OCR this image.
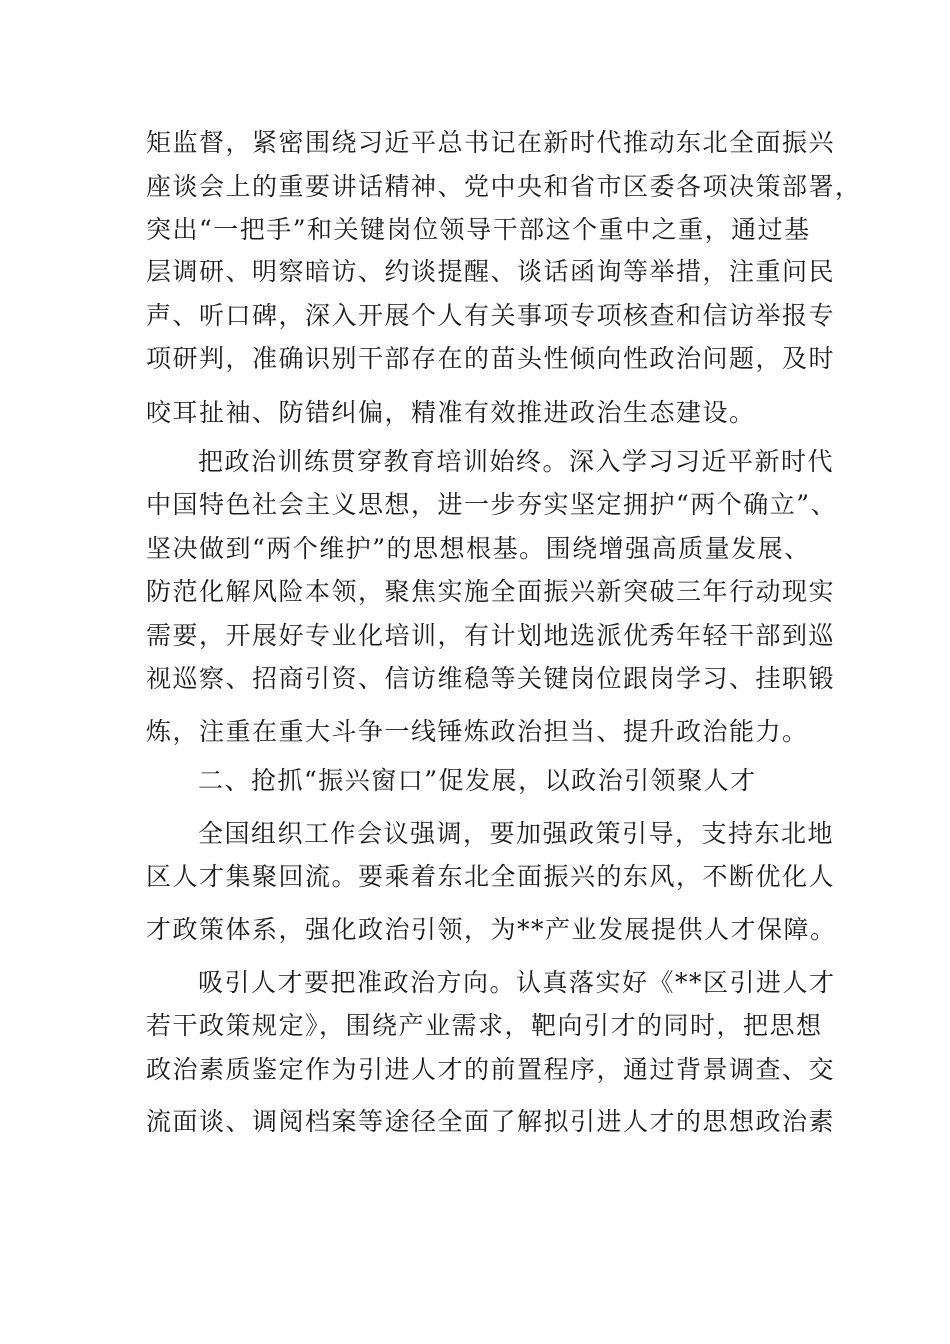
矩监督，紧密围绕习近平总书记在新时代推动东北全面振兴
座谈会上的重要讲话精神、党中央和省市区委各项决策部署，
突出“一把手”和关键岗位领导干部这个重中之重，通过基
层调研、明察暗访、约谈提醒、谈话函询等举措，注重问民
声、听口碑，深入开展个人有关事项专项核查和信访举报专
项研判，准确识别干部存在的苗头性倾向性政治问题，及时
咬耳扯袖、防错纠偏，精准有效推进政治生态建设。
把政治训练贯穿教育培训始终。深入学习习近平新时代
中国特色社会主义思想，进一步夯实坚定拥护“两个确立”、
坚决做到“两个维护”的思想根基。围绕增强高质量发展、
防范化解风险本领，聚焦实施全面振兴新突破三年行动现实
需要，开展好专业化培训，有计划地选派优秀年轻干部到巡
视巡察、招商引资、信访维稳等关键岗位跟岗学习、挂职锻
炼，注重在重大斗争一线锤炼政治担当、提升政治能力。
二、抢抓“振兴窗口”促发展，以政治引领聚人才
全国组织工作会议强调，要加强政策引导，支持东北地
区人才集聚回流。要乘着东北全面振兴的东风，不断优化人
才政策体系，强化政治引领，为**产业发展提供人才保障。
吸引人才要把准政治方向。认真落实好《**区引进人才
若干政策规定》，围绕产业需求，靶向引才的同时，把思想
政治素质鉴定作为引进人才的前置程序，通过背景调查、交
流面谈、调阅档案等途径全面了解拟引进人才的思想政治素
